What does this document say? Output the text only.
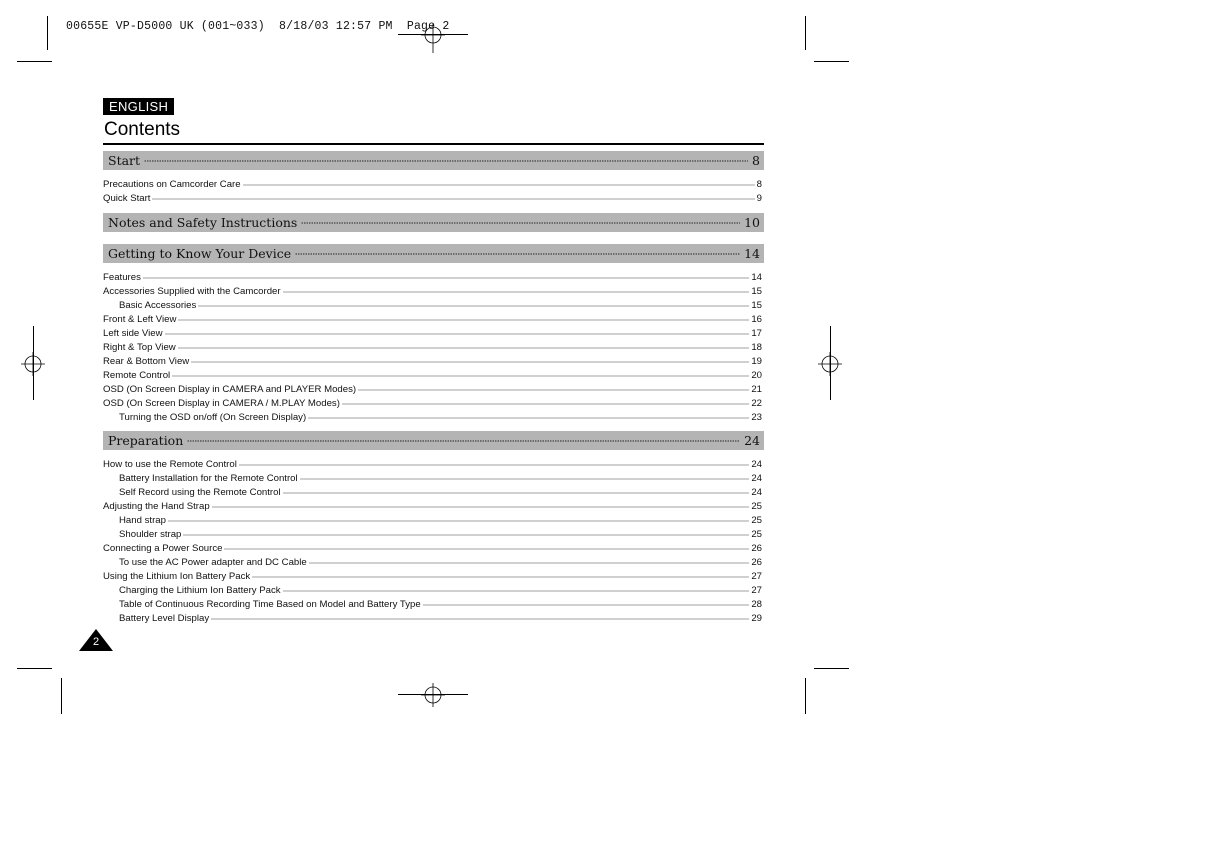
00655E VP-D5000 UK (001~033)  8/18/03 12:57 PM  Page 2
ENGLISH
Contents
Start	8
Precautions on Camcorder Care	8
Quick Start	9
Notes and Safety Instructions	10
Getting to Know Your Device	14
Features	14
Accessories Supplied with the Camcorder	15
Basic Accessories	15
Front & Left View	16
Left side View	17
Right & Top View	18
Rear & Bottom View	19
Remote Control	20
OSD (On Screen Display in CAMERA and PLAYER Modes)	21
OSD (On Screen Display in CAMERA / M.PLAY Modes)	22
Turning the OSD on/off (On Screen Display)	23
Preparation	24
How to use the Remote Control	24
Battery Installation for the Remote Control	24
Self Record using the Remote Control	24
Adjusting the Hand Strap	25
Hand strap	25
Shoulder strap	25
Connecting a Power Source	26
To use the AC Power adapter and DC Cable	26
Using the Lithium Ion Battery Pack	27
Charging the Lithium Ion Battery Pack	27
Table of Continuous Recording Time Based on Model and Battery Type	28
Battery Level Display	29
2
